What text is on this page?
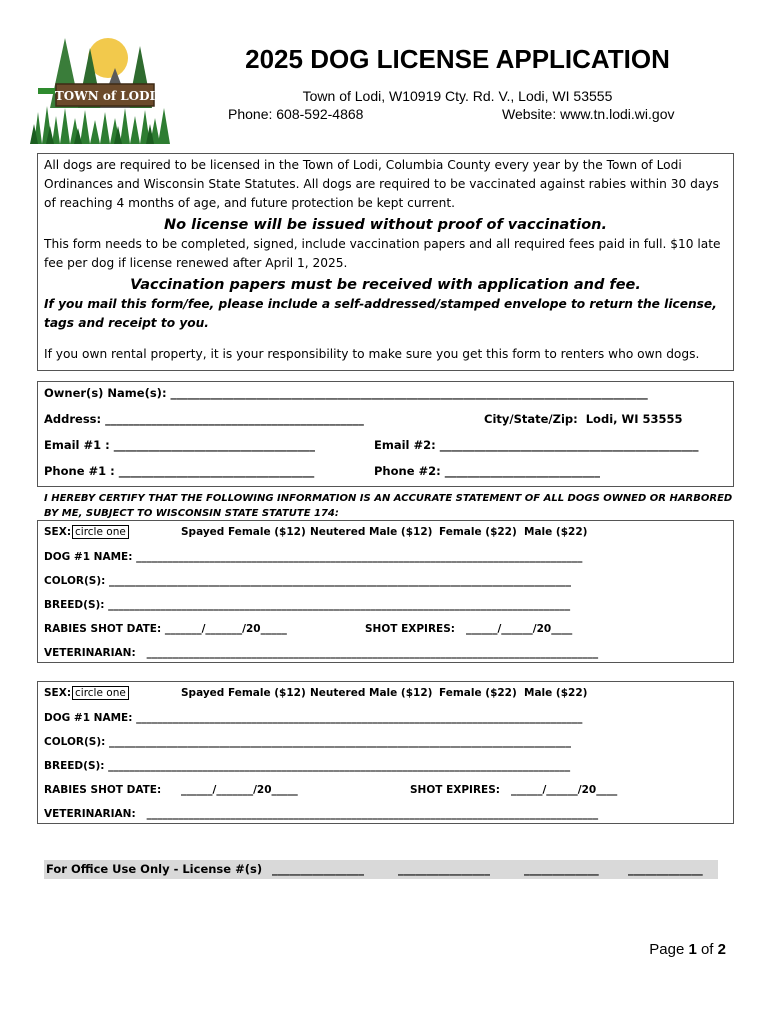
TOWN of LODI
2025 DOG LICENSE APPLICATION
Town of Lodi, W10919 Cty. Rd. V., Lodi, WI 53555
Phone: 608-592-4868	Website: www.tn.lodi.wi.gov

All dogs are required to be licensed in the Town of Lodi, Columbia County every year by the Town of Lodi Ordinances and Wisconsin State Statutes. All dogs are required to be vaccinated against rabies within 30 days of reaching 4 months of age, and future protection be kept current.

No license will be issued without proof of vaccination.

This form needs to be completed, signed, include vaccination papers and all required fees paid in full. $10 late fee per dog if license renewed after April 1, 2025.

Vaccination papers must be received with application and fee.

If you mail this form/fee, please include a self-addressed/stamped envelope to return the license, tags and receipt to you.

If you own rental property, it is your responsibility to make sure you get this form to renters who own dogs.

Owner(s) Name(s): ___________________________________________________________________________________
Address: _____________________________________________	City/State/Zip:  Lodi, WI 53555
Email #1 : ___________________________________	Email #2: _____________________________________________
Phone #1 : __________________________________	Phone #2: ___________________________
I HEREBY CERTIFY THAT THE FOLLOWING INFORMATION IS AN ACCURATE STATEMENT OF ALL DOGS OWNED OR HARBORED BY ME, SUBJECT TO WISCONSIN STATE STATUTE 174:
SEX: circle one	Spayed Female ($12) Neutered Male ($12) Female ($22) Male ($22)
DOG #1 NAME: _____________________________________________________________________________________
COLOR(S): ________________________________________________________________________________________
BREED(S): ________________________________________________________________________________________
RABIES SHOT DATE: _______/_______/20_____	SHOT EXPIRES:   ______/______/20____
VETERINARIAN:   ______________________________________________________________________________________
SEX: circle one	Spayed Female ($12) Neutered Male ($12) Female ($22) Male ($22)
DOG #1 NAME: _____________________________________________________________________________________
COLOR(S): ________________________________________________________________________________________
BREED(S): ________________________________________________________________________________________
RABIES SHOT DATE: ______/_______/20_____	SHOT EXPIRES:   ______/______/20____
VETERINARIAN:   ______________________________________________________________________________________
For Office Use Only - License #(s) ________________	________________	_____________	_____________
Page 1 of 2
